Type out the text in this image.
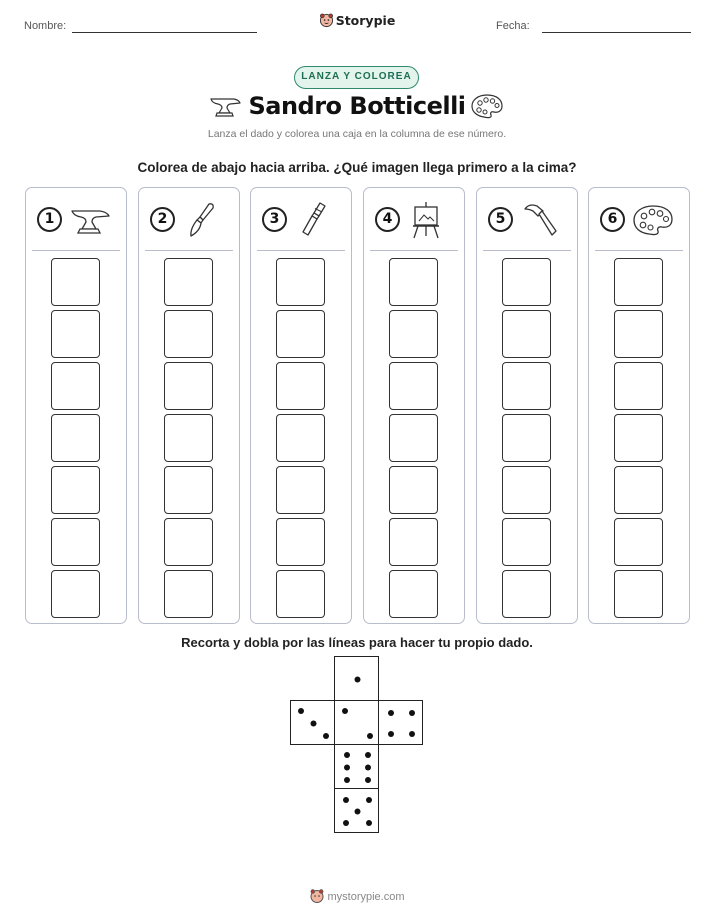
Nombre:	Storypie	Fecha:
LANZA Y COLOREA
Sandro Botticelli
Lanza el dado y colorea una caja en la columna de ese número.
Colorea de abajo hacia arriba. ¿Qué imagen llega primero a la cima?
1	2	3	4	5	6
Recorta y dobla por las líneas para hacer tu propio dado.
mystorypie.com
